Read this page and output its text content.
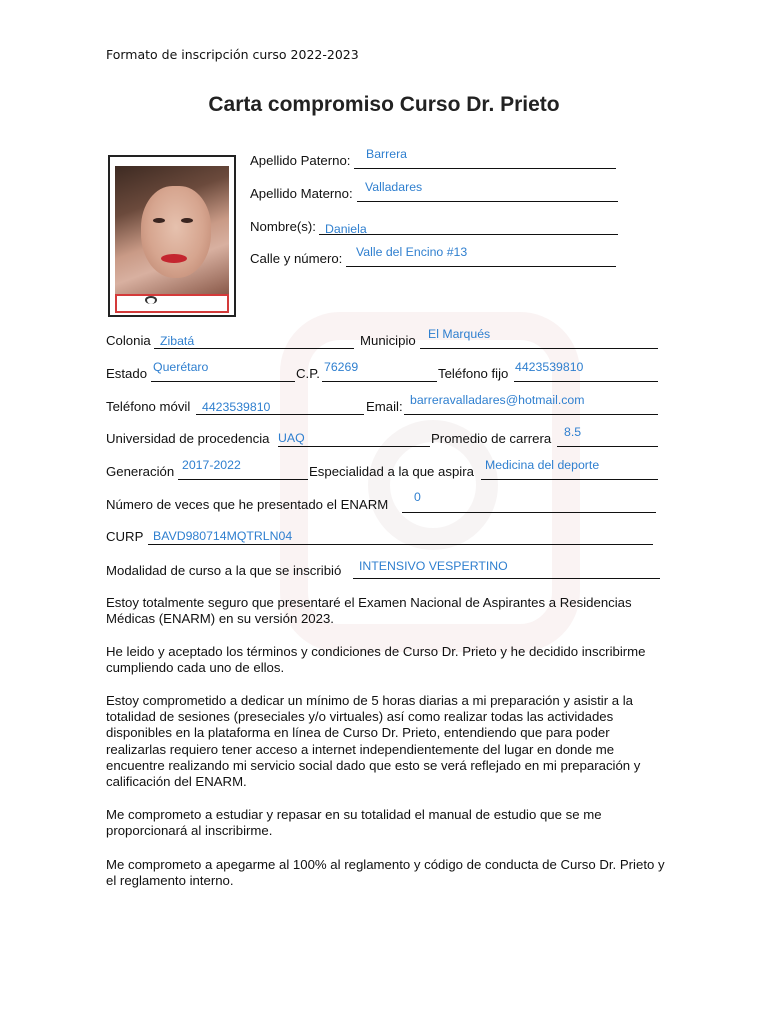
Formato de inscripción curso 2022-2023
Carta compromiso Curso Dr. Prieto
Apellido Paterno: Barrera
Apellido Materno: Valladares
Nombre(s): Daniela
Calle y número: Valle del Encino #13
Colonia Zibatá	Municipio El Marqués
Estado Querétaro	C.P. 76269	Teléfono fijo 4423539810
Teléfono móvil 4423539810	Email: barreravalladares@hotmail.com
Universidad de procedencia UAQ	Promedio de carrera 8.5
Generación 2017-2022	Especialidad a la que aspira Medicina del deporte
Número de veces que he presentado el ENARM 0
CURP BAVD980714MQTRLN04
Modalidad de curso a la que se inscribió INTENSIVO VESPERTINO
Estoy totalmente seguro que presentaré el Examen Nacional de Aspirantes a Residencias Médicas (ENARM) en su versión 2023.
He leido y aceptado los términos y condiciones de Curso Dr. Prieto y he decidido inscribirme cumpliendo cada uno de ellos.
Estoy comprometido a dedicar un mínimo de 5 horas diarias a mi preparación y asistir a la totalidad de sesiones (preseciales y/o virtuales) así como realizar todas las actividades disponibles en la plataforma en línea de Curso Dr. Prieto, entendiendo que para poder realizarlas requiero tener acceso a internet independientemente del lugar en donde me encuentre realizando mi servicio social dado que esto se verá reflejado en mi preparación y calificación del ENARM.
Me comprometo a estudiar y repasar en su totalidad el manual de estudio que se me proporcionará al inscribirme.
Me comprometo a apegarme al 100% al reglamento y código de conducta de Curso Dr. Prieto y el reglamento interno.
